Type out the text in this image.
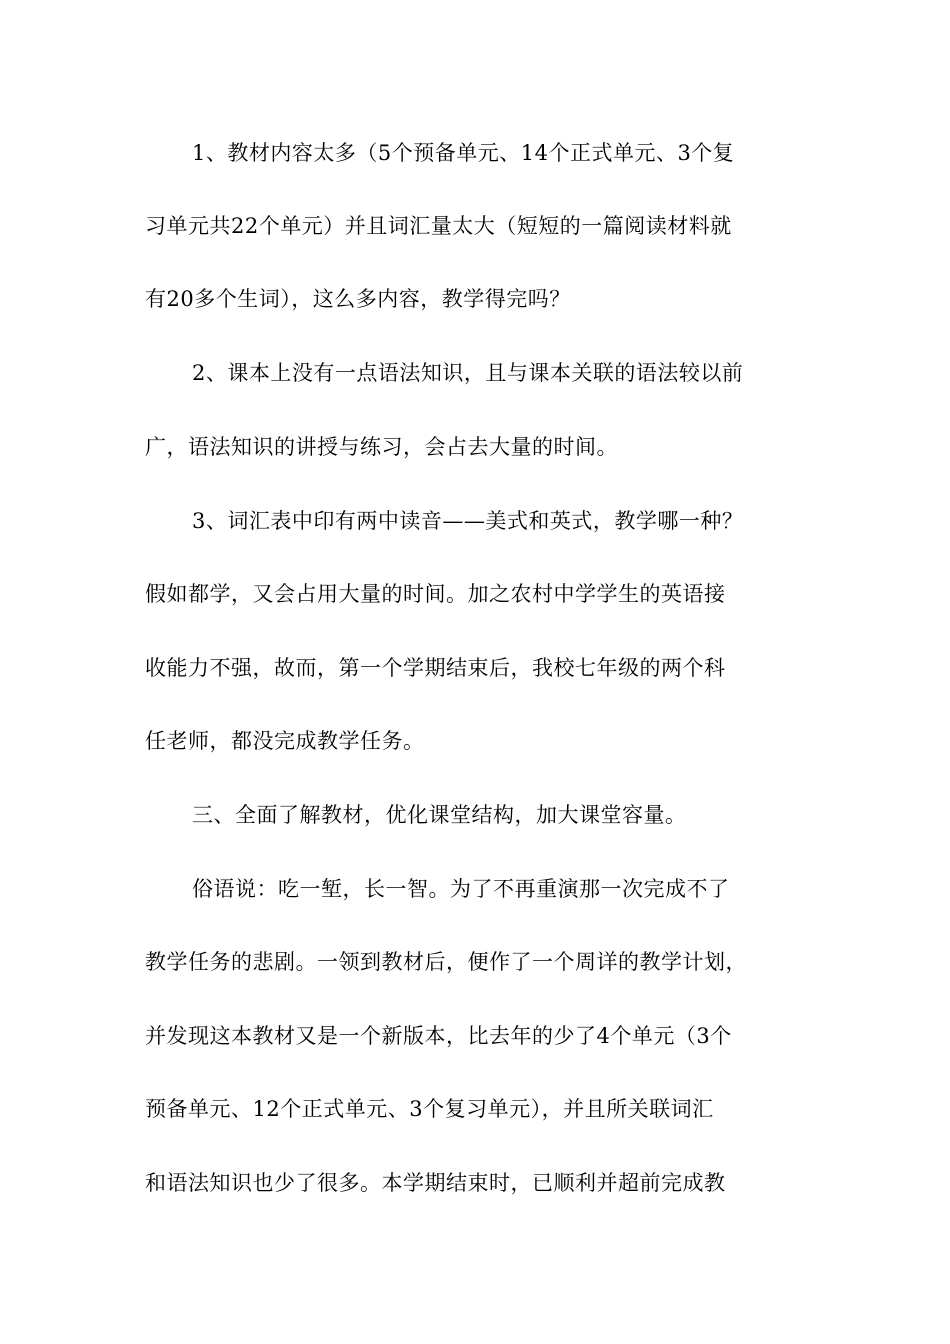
1、教材内容太多（5个预备单元、14个正式单元、3个复
习单元共22个单元）并且词汇量太大（短短的一篇阅读材料就
有20多个生词），这么多内容，教学得完吗？
2、课本上没有一点语法知识，且与课本关联的语法较以前
广，语法知识的讲授与练习，会占去大量的时间。
3、词汇表中印有两中读音——美式和英式，教学哪一种？
假如都学，又会占用大量的时间。加之农村中学学生的英语接
收能力不强，故而，第一个学期结束后，我校七年级的两个科
任老师，都没完成教学任务。
三、全面了解教材，优化课堂结构，加大课堂容量。
俗语说：吃一堑，长一智。为了不再重演那一次完成不了
教学任务的悲剧。一领到教材后，便作了一个周详的教学计划，
并发现这本教材又是一个新版本，比去年的少了4个单元（3个
预备单元、12个正式单元、3个复习单元），并且所关联词汇
和语法知识也少了很多。本学期结束时，已顺利并超前完成教
